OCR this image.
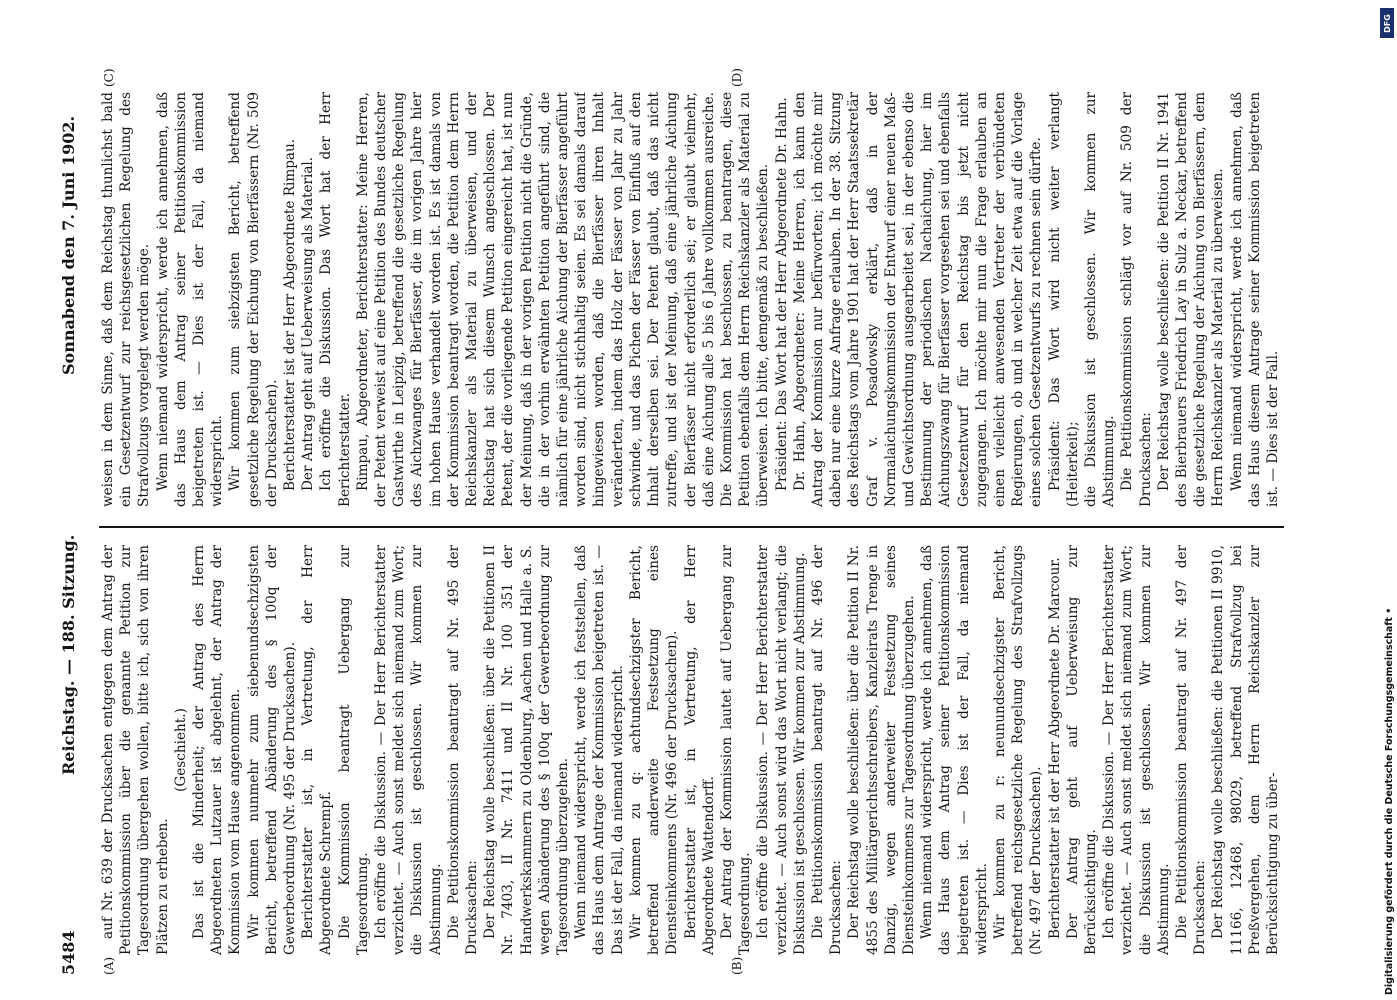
5484
Reichstag. — 188. Sitzung.
Sonnabend den 7. Juni 1902.
(A)	(B)
(C)	(D)

auf Nr. 639 der Drucksachen entgegen dem Antrag der Petitionskommission über die genannte Petition zur Tagesordnung übergehen wollen, bitte ich, sich von ihren Plätzen zu erheben.

(Geschieht.) Das ist die Minderheit; der Antrag des Herrn Abgeordneten Lutzauer ist abgelehnt, der Antrag der Kommission vom Hause angenommen. Wir kommen nunmehr zum siebenundsechzigsten Bericht, betreffend Abänderung des § 100q der Gewerbeordnung (Nr. 495 der Drucksachen). Berichterstatter ist, in Vertretung, der Herr Abgeordnete Schrempf. Die Kommission beantragt Uebergang zur Tagesordnung. Ich eröffne die Diskussion. — Der Herr Berichterstatter verzichtet. — Auch sonst meldet sich niemand zum Wort; die Diskussion ist geschlossen. Wir kommen zur Abstimmung. Die Petitionskommission beantragt auf Nr. 495 der Drucksachen: Der Reichstag wolle beschließen: über die Petitionen II Nr. 7403, II Nr. 7411 und II Nr. 100 351 der Handwerkskammern zu Oldenburg, Aachen und Halle a. S. wegen Abänderung des § 100q der Gewerbeordnung zur Tagesordnung überzugehen. Wenn niemand widerspricht, werde ich feststellen, daß das Haus dem Antrage der Kommission beigetreten ist. — Das ist der Fall, da niemand widerspricht. Wir kommen zu q: achtundsechzigster Bericht, betreffend anderweite Festsetzung eines Diensteinkommens (Nr. 496 der Drucksachen). Berichterstatter ist, in Vertretung, der Herr Abgeordnete Wattendorff. Der Antrag der Kommission lautet auf Uebergang zur Tagesordnung. Ich eröffne die Diskussion. — Der Herr Berichterstatter verzichtet. — Auch sonst wird das Wort nicht verlangt; die Diskussion ist geschlossen. Wir kommen zur Abstimmung. Die Petitionskommission beantragt auf Nr. 496 der Drucksachen: Der Reichstag wolle beschließen: über die Petition II Nr. 4855 des Militärgerichtsschreibers, Kanzleirats Trenge in Danzig, wegen anderweiter Festsetzung seines Diensteinkommens zur Tagesordnung überzugehen. Wenn niemand widerspricht, werde ich annehmen, daß das Haus dem Antrag seiner Petitionskommission beigetreten ist. — Dies ist der Fall, da niemand widerspricht. Wir kommen zu r: neunundsechzigster Bericht, betreffend reichsgesetzliche Regelung des Strafvollzugs (Nr. 497 der Drucksachen). Berichterstatter ist der Herr Abgeordnete Dr. Marcour. Der Antrag geht auf Ueberweisung zur Berücksichtigung. Ich eröffne die Diskussion. — Der Herr Berichterstatter verzichtet. — Auch sonst meldet sich niemand zum Wort; die Diskussion ist geschlossen. Wir kommen zur Abstimmung. Die Petitionskommission beantragt auf Nr. 497 der Drucksachen: Der Reichstag wolle beschließen: die Petitionen II 9910, 11166, 12468, 98029, betreffend Strafvollzug bei Preßvergehen, dem Herrn Reichskanzler zur Berücksichtigung zu über-

weisen in dem Sinne, daß dem Reichstag thunlichst bald ein Gesetzentwurf zur reichsgesetzlichen Regelung des Strafvollzugs vorgelegt werden möge. Wenn niemand widerspricht, werde ich annehmen, daß das Haus dem Antrag seiner Petitionskommission beigetreten ist. — Dies ist der Fall, da niemand widerspricht. Wir kommen zum siebzigsten Bericht, betreffend gesetzliche Regelung der Eichung von Bierfässern (Nr. 509 der Drucksachen). Berichterstatter ist der Herr Abgeordnete Rimpau. Der Antrag geht auf Ueberweisung als Material. Ich eröffne die Diskussion. Das Wort hat der Herr Berichterstatter. Rimpau, Abgeordneter, Berichterstatter: Meine Herren, der Petent verweist auf eine Petition des Bundes deutscher Gastwirthe in Leipzig, betreffend die gesetzliche Regelung des Aichzwanges für Bierfässer, die im vorigen Jahre hier im hohen Hause verhandelt worden ist. Es ist damals von der Kommission beantragt worden, die Petition dem Herrn Reichskanzler als Material zu überweisen, und der Reichstag hat sich diesem Wunsch angeschlossen. Der Petent, der die vorliegende Petition eingereicht hat, ist nun der Meinung, daß in der vorigen Petition nicht die Gründe, die in der vorhin erwähnten Petition angeführt sind, die nämlich für eine jährliche Aichung der Bierfässer angeführt worden sind, nicht stichhaltig seien. Es sei damals darauf hingewiesen worden, daß die Bierfässer ihren Inhalt veränderten, indem das Holz der Fässer von Jahr zu Jahr schwinde, und das Pichen der Fässer von Einfluß auf den Inhalt derselben sei. Der Petent glaubt, daß das nicht zutreffe, und ist der Meinung, daß eine jährliche Aichung der Bierfässer nicht erforderlich sei; er glaubt vielmehr, daß eine Aichung alle 5 bis 6 Jahre vollkommen ausreiche. Die Kommission hat beschlossen, zu beantragen, diese Petition ebenfalls dem Herrn Reichskanzler als Material zu überweisen. Ich bitte, demgemäß zu beschließen. Präsident: Das Wort hat der Herr Abgeordnete Dr. Hahn. Dr. Hahn, Abgeordneter: Meine Herren, ich kann den Antrag der Kommission nur befürworten; ich möchte mir dabei nur eine kurze Anfrage erlauben. In der 38. Sitzung des Reichstags vom Jahre 1901 hat der Herr Staatssekretär Graf v. Posadowsky erklärt, daß in der Normalaichungskommission der Entwurf einer neuen Maß- und Gewichtsordnung ausgearbeitet sei, in der ebenso die Bestimmung der periodischen Nachaichung, hier im Aichungszwang für Bierfässer vorgesehen sei und ebenfalls Gesetzentwurf für den Reichstag bis jetzt nicht zugegangen. Ich möchte mir nun die Frage erlauben an einen vielleicht anwesenden Vertreter der verbündeten Regierungen, ob und in welcher Zeit etwa auf die Vorlage eines solchen Gesetzentwurfs zu rechnen sein dürfte. Präsident: Das Wort wird nicht weiter verlangt (Heiterkeit); die Diskussion ist geschlossen. Wir kommen zur Abstimmung. Die Petitionskommission schlägt vor auf Nr. 509 der Drucksachen: Der Reichstag wolle beschließen: die Petition II Nr. 1941 des Bierbrauers Friedrich Lay in Sulz a. Neckar, betreffend die gesetzliche Regelung der Aichung von Bierfässern, dem Herrn Reichskanzler als Material zu überweisen. Wenn niemand widerspricht, werde ich annehmen, daß das Haus diesem Antrage seiner Kommission beigetreten ist. — Dies ist der Fall.

DFG
Digitalisierung gefördert durch die Deutsche Forschungsgemeinschaft •
